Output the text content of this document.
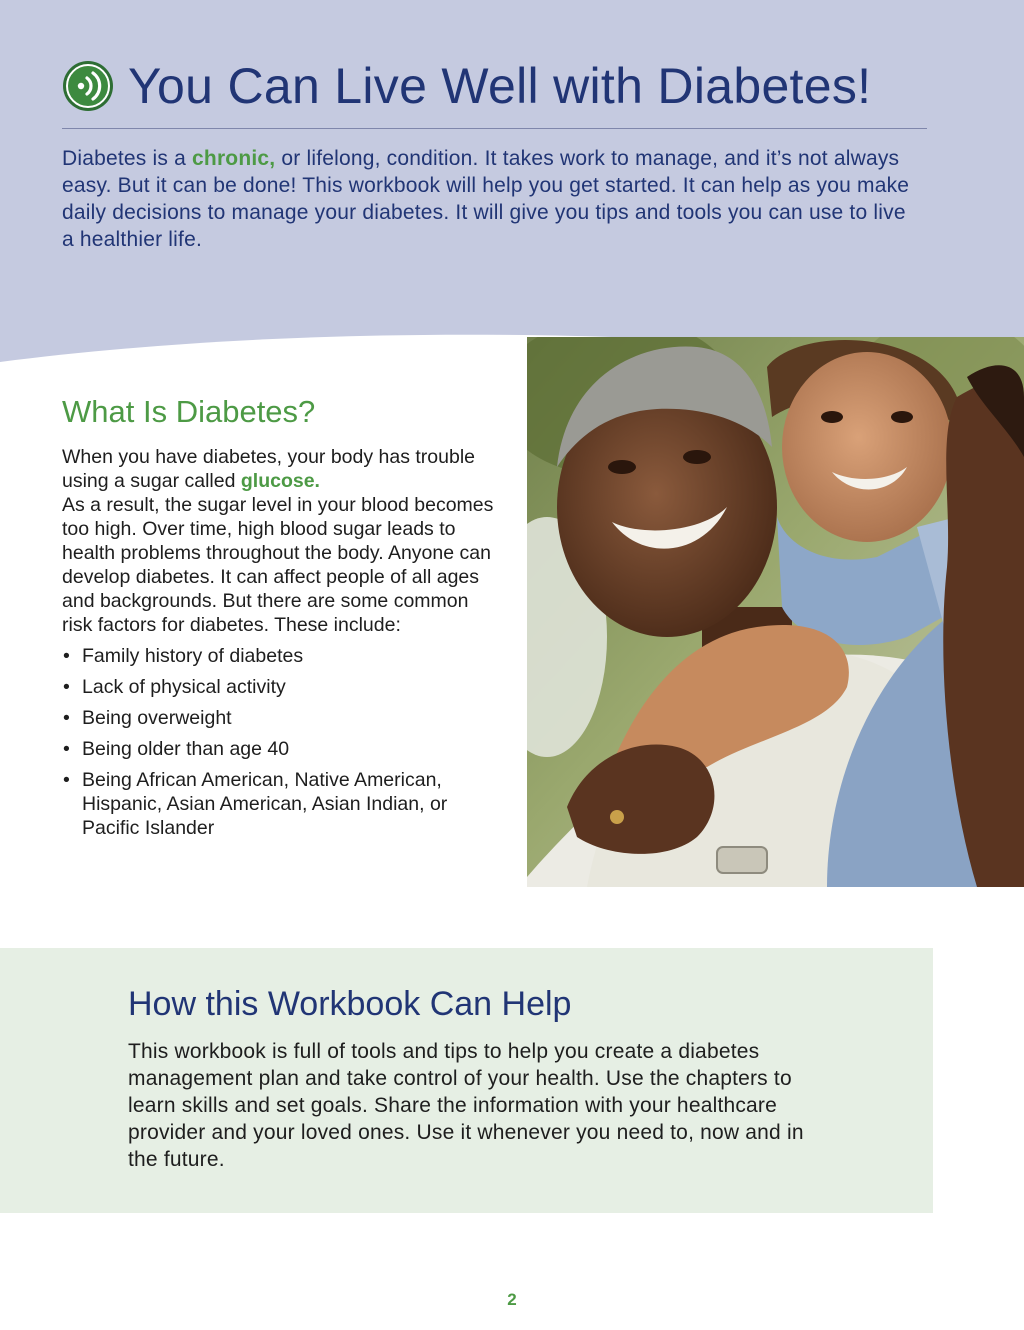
You Can Live Well with Diabetes!

Diabetes is a chronic, or lifelong, condition. It takes work to manage, and it’s not always easy. But it can be done! This workbook will help you get started. It can help as you make daily decisions to manage your diabetes. It will give you tips and tools you can use to live a healthier life.

What Is Diabetes?

When you have diabetes, your body has trouble using a sugar called glucose.
As a result, the sugar level in your blood becomes too high. Over time, high blood sugar leads to health problems throughout the body. Anyone can develop diabetes. It can affect people of all ages and backgrounds. But there are some common risk factors for diabetes. These include:

• Family history of diabetes
• Lack of physical activity
• Being overweight
• Being older than age 40
• Being African American, Native American, Hispanic, Asian American, Asian Indian, or Pacific Islander
How this Workbook Can Help

This workbook is full of tools and tips to help you create a diabetes management plan and take control of your health. Use the chapters to learn skills and set goals. Share the information with your healthcare provider and your loved ones. Use it whenever you need to, now and in the future.

2
